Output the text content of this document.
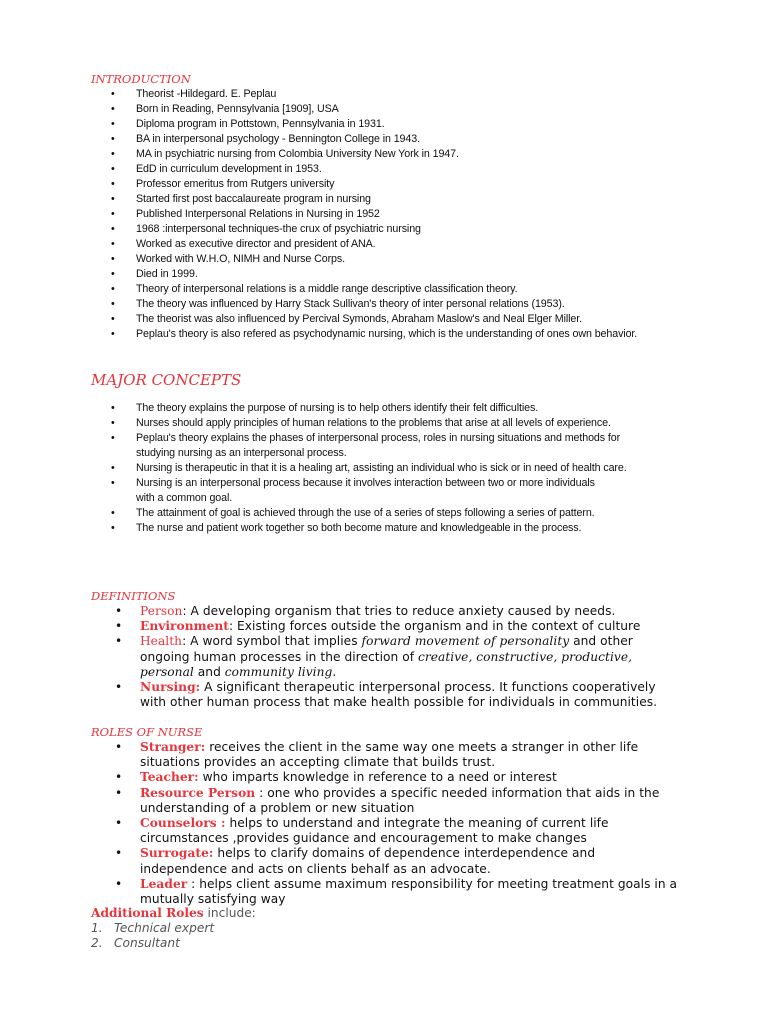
INTRODUCTION
• Theorist -Hildegard. E. Peplau
• Born in Reading, Pennsylvania [1909], USA
• Diploma program in Pottstown, Pennsylvania in 1931.
• BA in interpersonal psychology - Bennington College in 1943.
• MA in psychiatric nursing from Colombia University New York in 1947.
• EdD in curriculum development in 1953.
• Professor emeritus from Rutgers university
• Started first post baccalaureate program in nursing
• Published Interpersonal Relations in Nursing in 1952
• 1968 :interpersonal techniques-the crux of psychiatric nursing
• Worked as executive director and president of ANA.
• Worked with W.H.O, NIMH and Nurse Corps.
• Died in 1999.
• Theory of interpersonal relations is a middle range descriptive classification theory.
• The theory was influenced by Harry Stack Sullivan's theory of inter personal relations (1953).
• The theorist was also influenced by Percival Symonds, Abraham Maslow's and Neal Elger Miller.
• Peplau's theory is also refered as psychodynamic nursing, which is the understanding of ones own behavior.
MAJOR CONCEPTS
• The theory explains the purpose of nursing is to help others identify their felt difficulties.
• Nurses should apply principles of human relations to the problems that arise at all levels of experience.
• Peplau's theory explains the phases of interpersonal process, roles in nursing situations and methods for studying nursing as an interpersonal process.
• Nursing is therapeutic in that it is a healing art, assisting an individual who is sick or in need of health care.
• Nursing is an interpersonal process because it involves interaction between two or more individuals with a common goal.
• The attainment of goal is achieved through the use of a series of steps following a series of pattern.
• The nurse and patient work together so both become mature and knowledgeable in the process.
DEFINITIONS
• Person: A developing organism that tries to reduce anxiety caused by needs.
• Environment: Existing forces outside the organism and in the context of culture
• Health: A word symbol that implies forward movement of personality and other ongoing human processes in the direction of creative, constructive, productive, personal and community living.
• Nursing: A significant therapeutic interpersonal process. It functions cooperatively with other human process that make health possible for individuals in communities.
ROLES OF NURSE
• Stranger: receives the client in the same way one meets a stranger in other life situations provides an accepting climate that builds trust.
• Teacher: who imparts knowledge in reference to a need or interest
• Resource Person : one who provides a specific needed information that aids in the understanding of a problem or new situation
• Counselors : helps to understand and integrate the meaning of current life circumstances ,provides guidance and encouragement to make changes
• Surrogate: helps to clarify domains of dependence interdependence and independence and acts on clients behalf as an advocate.
• Leader : helps client assume maximum responsibility for meeting treatment goals in a mutually satisfying way
Additional Roles include:
1. Technical expert
2. Consultant
